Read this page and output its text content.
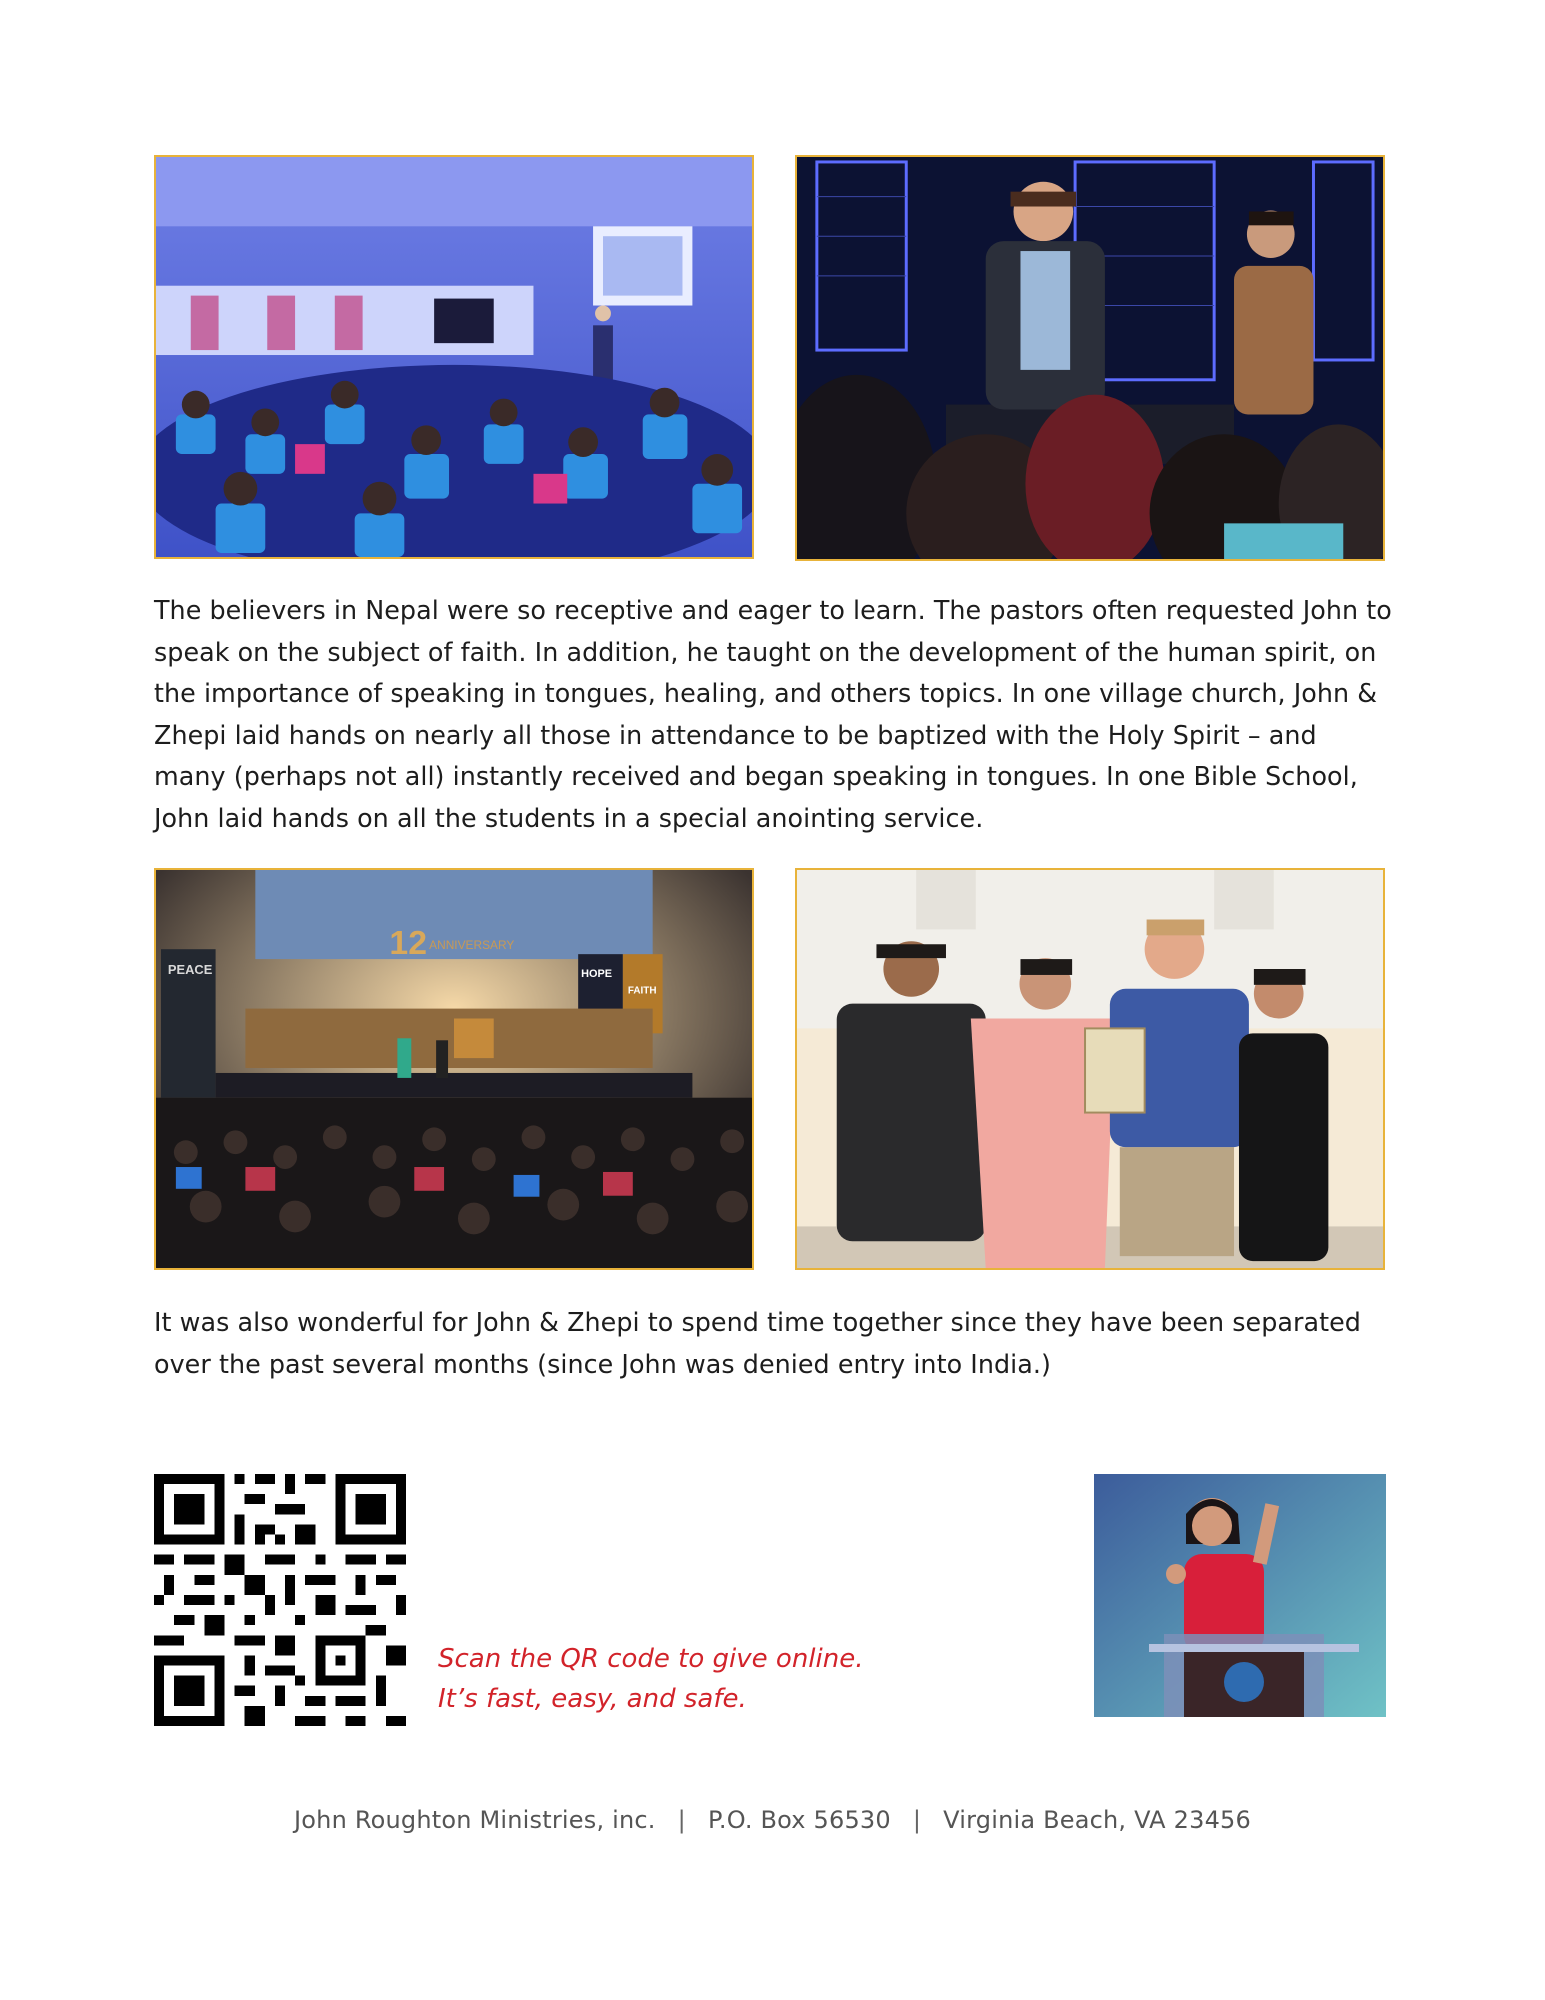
The believers in Nepal were so receptive and eager to learn. The pastors often requested John to speak on the subject of faith. In addition, he taught on the development of the human spirit, on the importance of speaking in tongues, healing, and others topics. In one village church, John & Zhepi laid hands on nearly all those in attendance to be baptized with the Holy Spirit – and many (perhaps not all) instantly received and began speaking in tongues. In one Bible School, John laid hands on all the students in a special anointing service.

PEACE	HOPE
FAITH
12 ANNIVERSARY

It was also wonderful for John & Zhepi to spend time together since they have been separated over the past several months (since John was denied entry into India.)

Scan the QR code to give online.

It’s fast, easy, and safe.

John Roughton Ministries, inc. | P.O. Box 56530 | Virginia Beach, VA 23456
